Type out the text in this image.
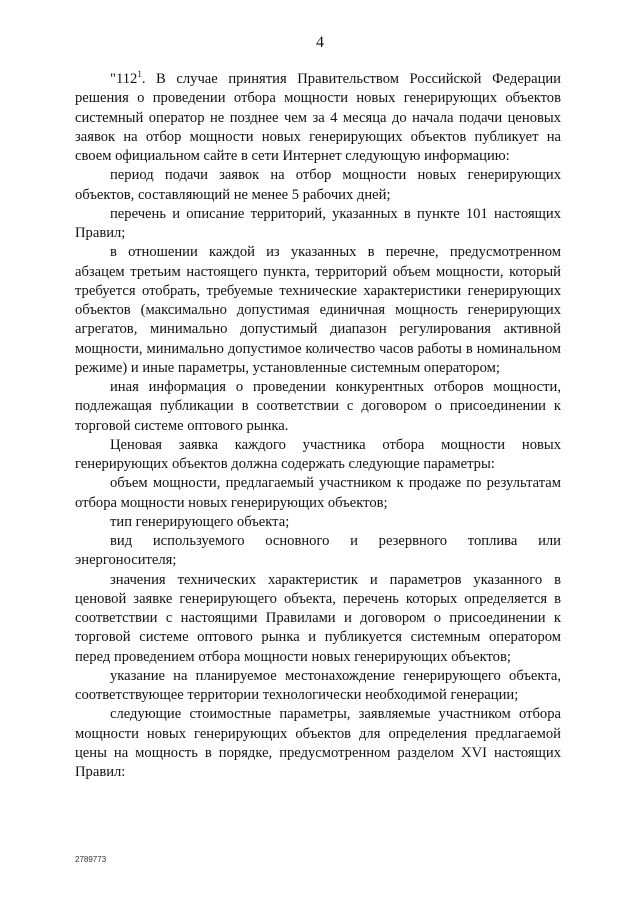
4

"$112^1$. В случае принятия Правительством Российской Федерации решения о проведении отбора мощности новых генерирующих объектов системный оператор не позднее чем за 4 месяца до начала подачи ценовых заявок на отбор мощности новых генерирующих объектов публикует на своем официальном сайте в сети Интернет следующую информацию:

период подачи заявок на отбор мощности новых генерирующих объектов, составляющий не менее 5 рабочих дней;

перечень и описание территорий, указанных в пункте 101 настоящих Правил;

в отношении каждой из указанных в перечне, предусмотренном абзацем третьим настоящего пункта, территорий объем мощности, который требуется отобрать, требуемые технические характеристики генерирующих объектов (максимально допустимая единичная мощность генерирующих агрегатов, минимально допустимый диапазон регулирования активной мощности, минимально допустимое количество часов работы в номинальном режиме) и иные параметры, установленные системным оператором;

иная информация о проведении конкурентных отборов мощности, подлежащая публикации в соответствии с договором о присоединении к торговой системе оптового рынка.

Ценовая заявка каждого участника отбора мощности новых генерирующих объектов должна содержать следующие параметры:

объем мощности, предлагаемый участником к продаже по результатам отбора мощности новых генерирующих объектов;

тип генерирующего объекта;

вид используемого основного и резервного топлива или энергоносителя;

значения технических характеристик и параметров указанного в ценовой заявке генерирующего объекта, перечень которых определяется в соответствии с настоящими Правилами и договором о присоединении к торговой системе оптового рынка и публикуется системным оператором перед проведением отбора мощности новых генерирующих объектов;

указание на планируемое местонахождение генерирующего объекта, соответствующее территории технологически необходимой генерации;

следующие стоимостные параметры, заявляемые участником отбора мощности новых генерирующих объектов для определения предлагаемой цены на мощность в порядке, предусмотренном разделом XVI настоящих Правил:

2789773
